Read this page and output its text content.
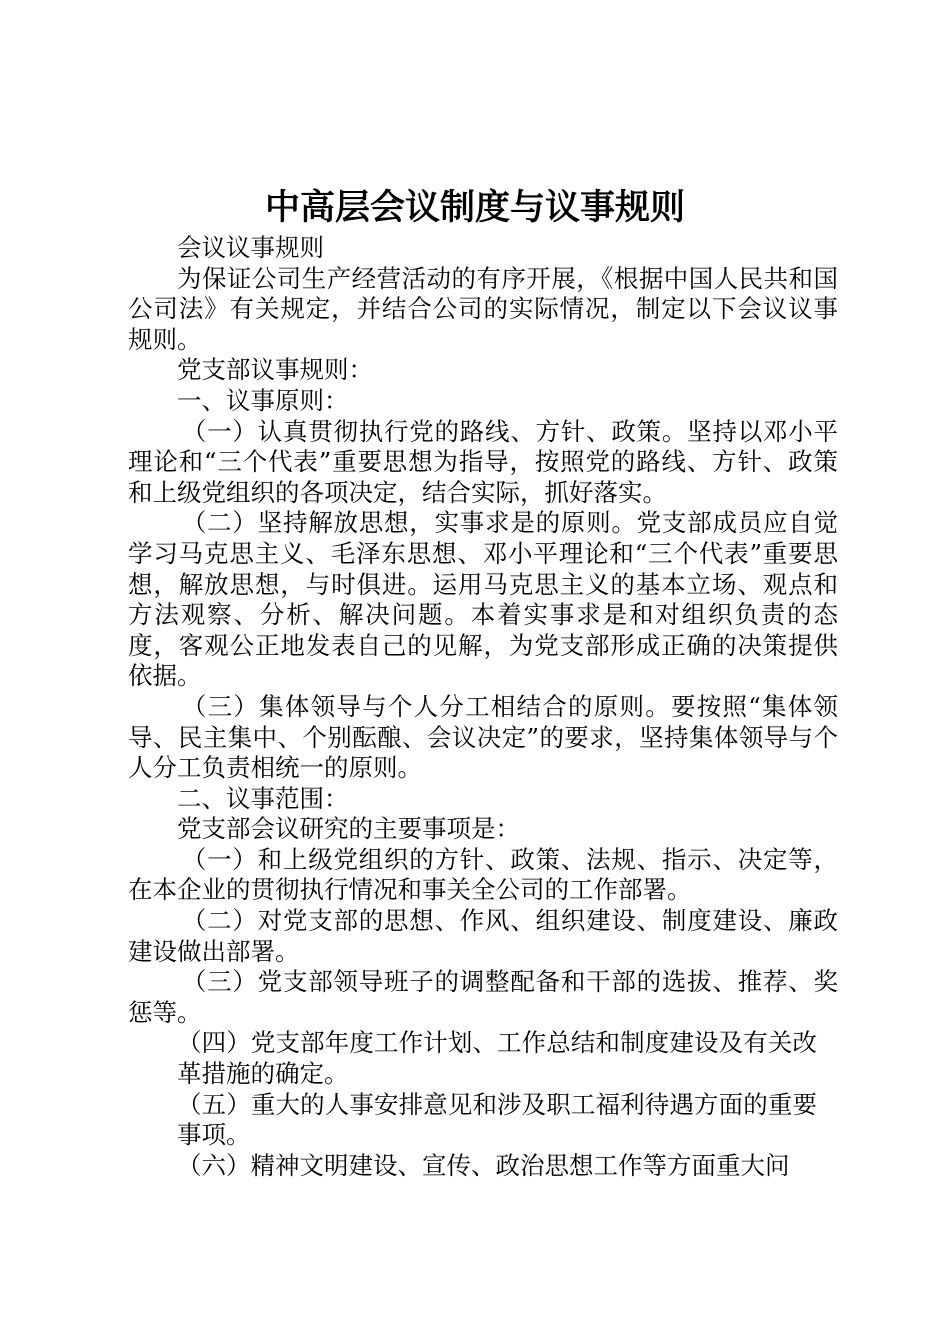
中高层会议制度与议事规则

会议议事规则

为保证公司生产经营活动的有序开展，《根据中国人民共和国公司法》有关规定，并结合公司的实际情况，制定以下会议议事规则。

党支部议事规则：

一、议事原则：

（一）认真贯彻执行党的路线、方针、政策。坚持以邓小平理论和“三个代表”重要思想为指导，按照党的路线、方针、政策和上级党组织的各项决定，结合实际，抓好落实。

（二）坚持解放思想，实事求是的原则。党支部成员应自觉学习马克思主义、毛泽东思想、邓小平理论和“三个代表”重要思想，解放思想，与时俱进。运用马克思主义的基本立场、观点和方法观察、分析、解决问题。本着实事求是和对组织负责的态度，客观公正地发表自己的见解，为党支部形成正确的决策提供依据。

（三）集体领导与个人分工相结合的原则。要按照“集体领导、民主集中、个别酝酿、会议决定”的要求，坚持集体领导与个人分工负责相统一的原则。

二、议事范围：

党支部会议研究的主要事项是：

（一）和上级党组织的方针、政策、法规、指示、决定等，在本企业的贯彻执行情况和事关全公司的工作部署。

（二）对党支部的思想、作风、组织建设、制度建设、廉政建设做出部署。

（三）党支部领导班子的调整配备和干部的选拔、推荐、奖惩等。

（四）党支部年度工作计划、工作总结和制度建设及有关改革措施的确定。

（五）重大的人事安排意见和涉及职工福利待遇方面的重要事项。

（六）精神文明建设、宣传、政治思想工作等方面重大问
